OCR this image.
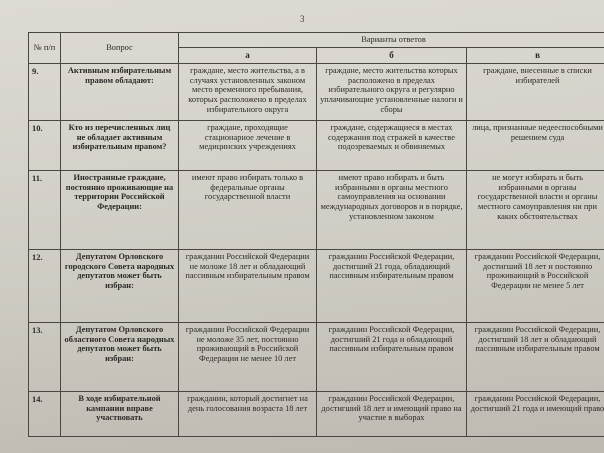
3
№ п/п	Вопрос	Варианты ответов		
		а	б	в
9.	Активным избирательным правом обладают:	граждане, место жительства, а в случаях установленных законом место временного пребывания, которых расположено в пределах избирательного округа	граждане, место жительства которых расположено в пределах избирательного округа и регулярно уплачивающие установленные налоги и сборы	граждане, внесенные в списки избирателей
10.	Кто из перечисленных лиц не обладает активным избирательным правом?	граждане, проходящие стационарное лечение в медицинских учреждениях	граждане, содержащиеся в местах содержания под стражей в качестве подозреваемых и обвиняемых	лица, признанные недееспособными решением суда
11.	Иностранные граждане, постоянно проживающие на территории Российской Федерации:	имеют право избирать только в федеральные органы государственной власти	имеют право избирать и быть избранными в органы местного самоуправления на основании международных договоров и в порядке, установленном законом	не могут избирать и быть избранными в органы государственной власти и органы местного самоуправления ни при каких обстоятельствах
12.	Депутатом Орловского городского Совета народных депутатов может быть избран:	гражданин Российской Федерации не моложе 18 лет и обладающий пассивным избирательным правом	гражданин Российской Федерации, достигший 21 года, обладающий пассивным избирательным правом	гражданин Российской Федерации, достигший 18 лет и постоянно проживающий в Российской Федерации не менее 5 лет
13.	Депутатом Орловского областного Совета народных депутатов может быть избран:	гражданин Российской Федерации не моложе 35 лет, постоянно проживающий в Российской Федерации не менее 10 лет	гражданин Российской Федерации, достигший 21 года и обладающий пассивным избирательным правом	гражданин Российской Федерации, достигший 18 лет и обладающий пассивным избирательным правом
14.	В ходе избирательной кампании вправе участвовать	гражданин, который достигнет на день голосования возраста 18 лет	гражданин Российской Федерации, достигший 18 лет и имеющий право на участие в выборах	гражданин Российской Федерации, достигший 21 года и имеющий право
